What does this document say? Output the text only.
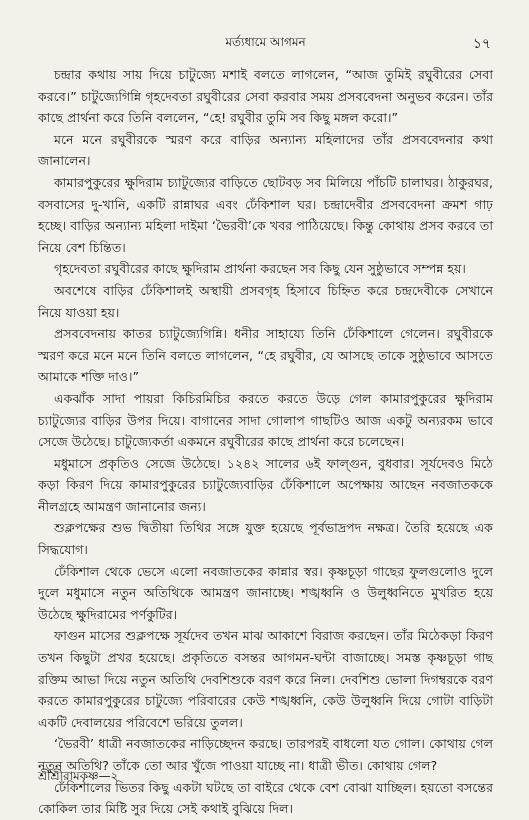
মর্ত্যধামে আগমন	১৭

চন্দ্রার কথায় সায় দিয়ে চাটুজ্যে মশাই বলতে লাগলেন, “আজ তুমিই রঘুবীরের সেবা করবে।” চাটুজ্যেগিন্নি গৃহদেবতা রঘুবীরের সেবা করবার সময় প্রসববেদনা অনুভব করেন। তাঁর কাছে প্রার্থনা করে তিনি বললেন, “হে! রঘুবীর তুমি সব কিছু মঙ্গল করো।”

মনে মনে রঘুবীরকে স্মরণ করে বাড়ির অন্যান্য মহিলাদের তাঁর প্রসববেদনার কথা জানালেন।

কামারপুকুরের ক্ষুদিরাম চ্যাটুজ্যের বাড়িতে ছোটবড় সব মিলিয়ে পাঁচটি চালাঘর। ঠাকুরঘর, বসবাসের দু-খানি, একটি রান্নাঘর এবং ঢেঁকিশাল ঘর। চন্দ্রাদেবীর প্রসববেদনা ক্রমশ গাঢ় হচ্ছে। বাড়ির অন্যান্য মহিলা দাইমা ‘ভৈরবী’কে খবর পাঠিয়েছে। কিন্তু কোথায় প্রসব করবে তা নিয়ে বেশ চিন্তিত।

গৃহদেবতা রঘুবীরের কাছে ক্ষুদিরাম প্রার্থনা করছেন সব কিছু যেন সুষ্ঠুভাবে সম্পন্ন হয়।

অবশেষে বাড়ির ঢেঁকিশালই অস্থায়ী প্রসবগৃহ হিসাবে চিহ্নিত করে চন্দ্রদেবীকে সেখানে নিয়ে যাওয়া হয়।

প্রসববেদনায় কাতর চ্যাটুজ্যেগিন্নি। ধনীর সাহায্যে তিনি ঢেঁকিশালে গেলেন। রঘুবীরকে স্মরণ করে মনে মনে তিনি বলতে লাগলেন, “হে রঘুবীর, যে আসছে তাকে সুষ্ঠুভাবে আসতে আমাকে শক্তি দাও।”

একঝাঁক সাদা পায়রা কিচিরমিচির করতে করতে উড়ে গেল কামারপুকুরের ক্ষুদিরাম চ্যাটুজ্যের বাড়ির উপর দিয়ে। বাগানের সাদা গোলাপ গাছটিও আজ একটু অন্যরকম ভাবে সেজে উঠেছে। চাটুজ্যেকর্তা একমনে রঘুবীরের কাছে প্রার্থনা করে চলেছেন।

মধুমাসে প্রকৃতিও সেজে উঠেছে। ১২৪২ সালের ৬ই ফাল্গুন, বুধবার। সূর্যদেবও মিঠে কড়া কিরণ দিয়ে কামারপুকুরের চ্যাটুজ্যেবাড়ির ঢেঁকিশালে অপেক্ষায় আছেন নবজাতককে নীলগ্রহে আমন্ত্রণ জানানোর জন্য।

শুক্লপক্ষের শুভ দ্বিতীয়া তিথির সঙ্গে যুক্ত হয়েছে পূর্বভাদ্রপদ নক্ষত্র। তৈরি হয়েছে এক সিদ্ধযোগ।

ঢেঁকিশাল থেকে ভেসে এলো নবজাতকের কান্নার স্বর। কৃষ্ণচূড়া গাছের ফুলগুলোও দুলে দুলে মধুমাসে নতুন অতিথিকে আমন্ত্রণ জানাচ্ছে। শঙ্খধ্বনি ও উলুধ্বনিতে মুখরিত হয়ে উঠেছে ক্ষুদিরামের পর্ণকুটির।

ফাগুন মাসের শুক্লপক্ষে সূর্যদেব তখন মাঝ আকাশে বিরাজ করছেন। তাঁর মিঠেকড়া কিরণ তখন কিছুটা প্রখর হয়েছে। প্রকৃতিতে বসন্তর আগমন-ঘন্টা বাজাচ্ছে। সমস্ত কৃষ্ণচূড়া গাছ রক্তিম আভা দিয়ে নতুন অতিথি দেবশিশুকে বরণ করে নিল। দেবশিশু ভোলা দিগম্বরকে বরণ করতে কামারপুকুরের চাটুজ্যে পরিবারের কেউ শঙ্খধ্বনি, কেউ উলুধ্বনি দিয়ে গোটা বাড়িটা একটি দেবালয়ের পরিবেশে ভরিয়ে তুলল।

‘ভৈরবী’ ধাত্রী নবজাতকের নাড়িচ্ছেদন করছে। তারপরই বাধলো যত গোল। কোথায় গেল নতুন অতিথি? তাঁকে তো আর খুঁজে পাওয়া যাচ্ছে না। ধাত্রী ভীত। কোথায় গেল?

ঢেঁকিশালের ভিতর কিছু একটা ঘটছে তা বাইরে থেকে বেশ বোঝা যাচ্ছিল। হয়তো বসন্তের কোকিল তার মিষ্টি সুর দিয়ে সেই কথাই বুঝিয়ে দিল।

শ্রীশ্রীরামকৃষ্ণ—২
